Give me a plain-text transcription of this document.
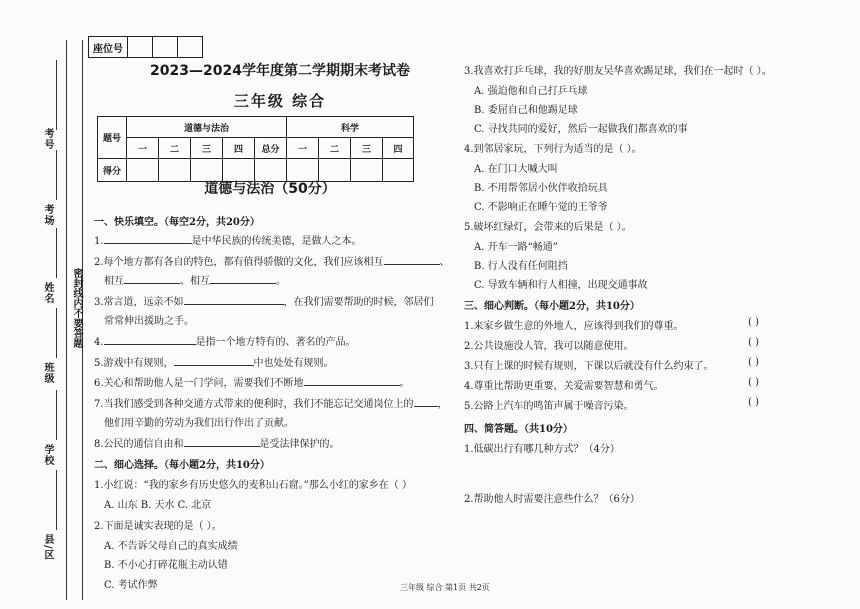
考号
考场
姓名
班级
学校
县/区
密封线内不要答题
座位号			
2023—2024学年度第二学期期末考试卷
三年级 综合
题号	道德与法治					科学			
	一	二	三	四	总分	一	二	三	四
得分									
道德与法治（50分）
一、快乐填空。（每空2分，共20分）
1.	是中华民族的传统美德，是做人之本。
2.每个地方都有各自的特色，都有值得骄傲的文化，我们应该相互	、
相互	、相互	。
3.常言道，远亲不如	，在我们需要帮助的时候，邻居们
常常伸出援助之手。
4.	是指一个地方特有的、著名的产品。
5.游戏中有规则，	中也处处有规则。
6.关心和帮助他人是一门学问，需要我们不断地	。
7.当我们感受到各种交通方式带来的便利时，我们不能忘记交通岗位上的 ，
他们用辛勤的劳动为我们出行作出了贡献。
8.公民的通信自由和	是受法律保护的。
二、细心选择。（每小题2分，共10分）
1.小红说：“我的家乡有历史悠久的麦积山石窟。”那么小红的家乡在（ ）
A. 山东 B. 天水 C. 北京
2.下面是诚实表现的是（ ）。
A. 不告诉父母自己的真实成绩
B. 不小心打碎花瓶主动认错
C. 考试作弊
3.我喜欢打乒乓球，我的好朋友吴华喜欢踢足球，我们在一起时（ ）。
A. 强迫他和自己打乒乓球
B. 委屈自己和他踢足球
C. 寻找共同的爱好，然后一起做我们都喜欢的事
4.到邻居家玩，下列行为适当的是（ ）。
A. 在门口大喊大叫
B. 不用帮邻居小伙伴收拾玩具
C. 不影响正在睡午觉的王爷爷
5.破坏红绿灯，会带来的后果是（ ）。
A. 开车一路“畅通”
B. 行人没有任何阻挡
C. 导致车辆和行人相撞，出现交通事故
三、细心判断。（每小题2分，共10分）
1.来家乡做生意的外地人，应该得到我们的尊重。	( )
2.公共设施没人管，我可以随意使用。	( )
3.只有上课的时候有规则，下课以后就没有什么约束了。	( )
4.尊重比帮助更重要，关爱需要智慧和勇气。	( )
5.公路上汽车的鸣笛声属于噪音污染。	( )
四、简答题。（共10分）
1.低碳出行有哪几种方式？（4分）
2.帮助他人时需要注意些什么？（6分）
三年级 综合 第1页 共2页
